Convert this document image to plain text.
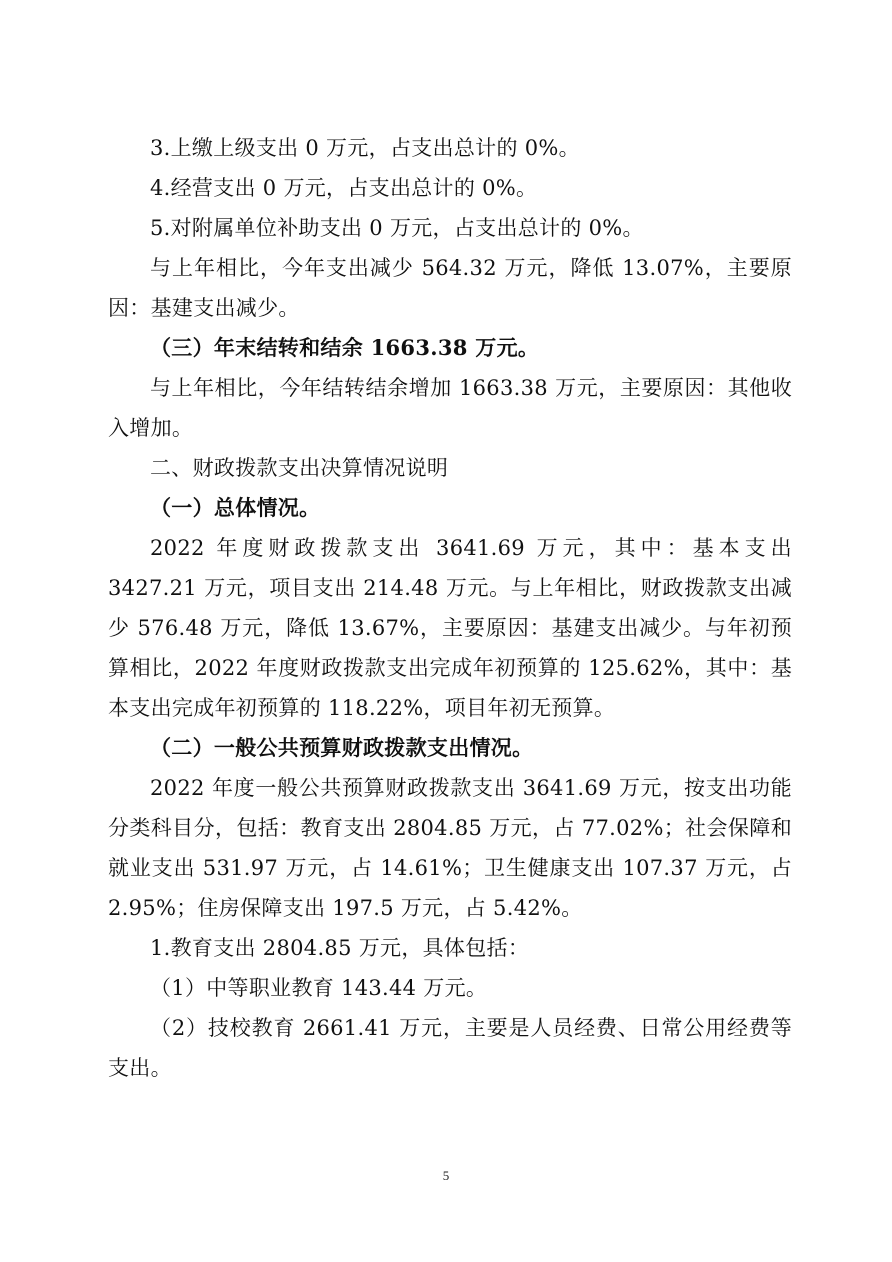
3.上缴上级支出 0 万元，占支出总计的 0%。

4.经营支出 0 万元，占支出总计的 0%。

5.对附属单位补助支出 0 万元，占支出总计的 0%。

与上年相比，今年支出减少 564.32 万元，降低 13.07%，主要原因：基建支出减少。

（三）年末结转和结余 1663.38 万元。

与上年相比，今年结转结余增加 1663.38 万元，主要原因：其他收入增加。

二、财政拨款支出决算情况说明

（一）总体情况。

2022 年度财政拨款支出 3641.69 万元，其中：基本支出 3427.21 万元，项目支出 214.48 万元。与上年相比，财政拨款支出减少 576.48 万元，降低 13.67%，主要原因：基建支出减少。与年初预算相比，2022 年度财政拨款支出完成年初预算的 125.62%，其中：基本支出完成年初预算的 118.22%，项目年初无预算。

（二）一般公共预算财政拨款支出情况。

2022 年度一般公共预算财政拨款支出 3641.69 万元，按支出功能分类科目分，包括：教育支出 2804.85 万元，占 77.02%；社会保障和就业支出 531.97 万元，占 14.61%；卫生健康支出 107.37 万元，占 2.95%；住房保障支出 197.5 万元，占 5.42%。

1.教育支出 2804.85 万元，具体包括：

（1）中等职业教育 143.44 万元。

（2）技校教育 2661.41 万元，主要是人员经费、日常公用经费等支出。

5
